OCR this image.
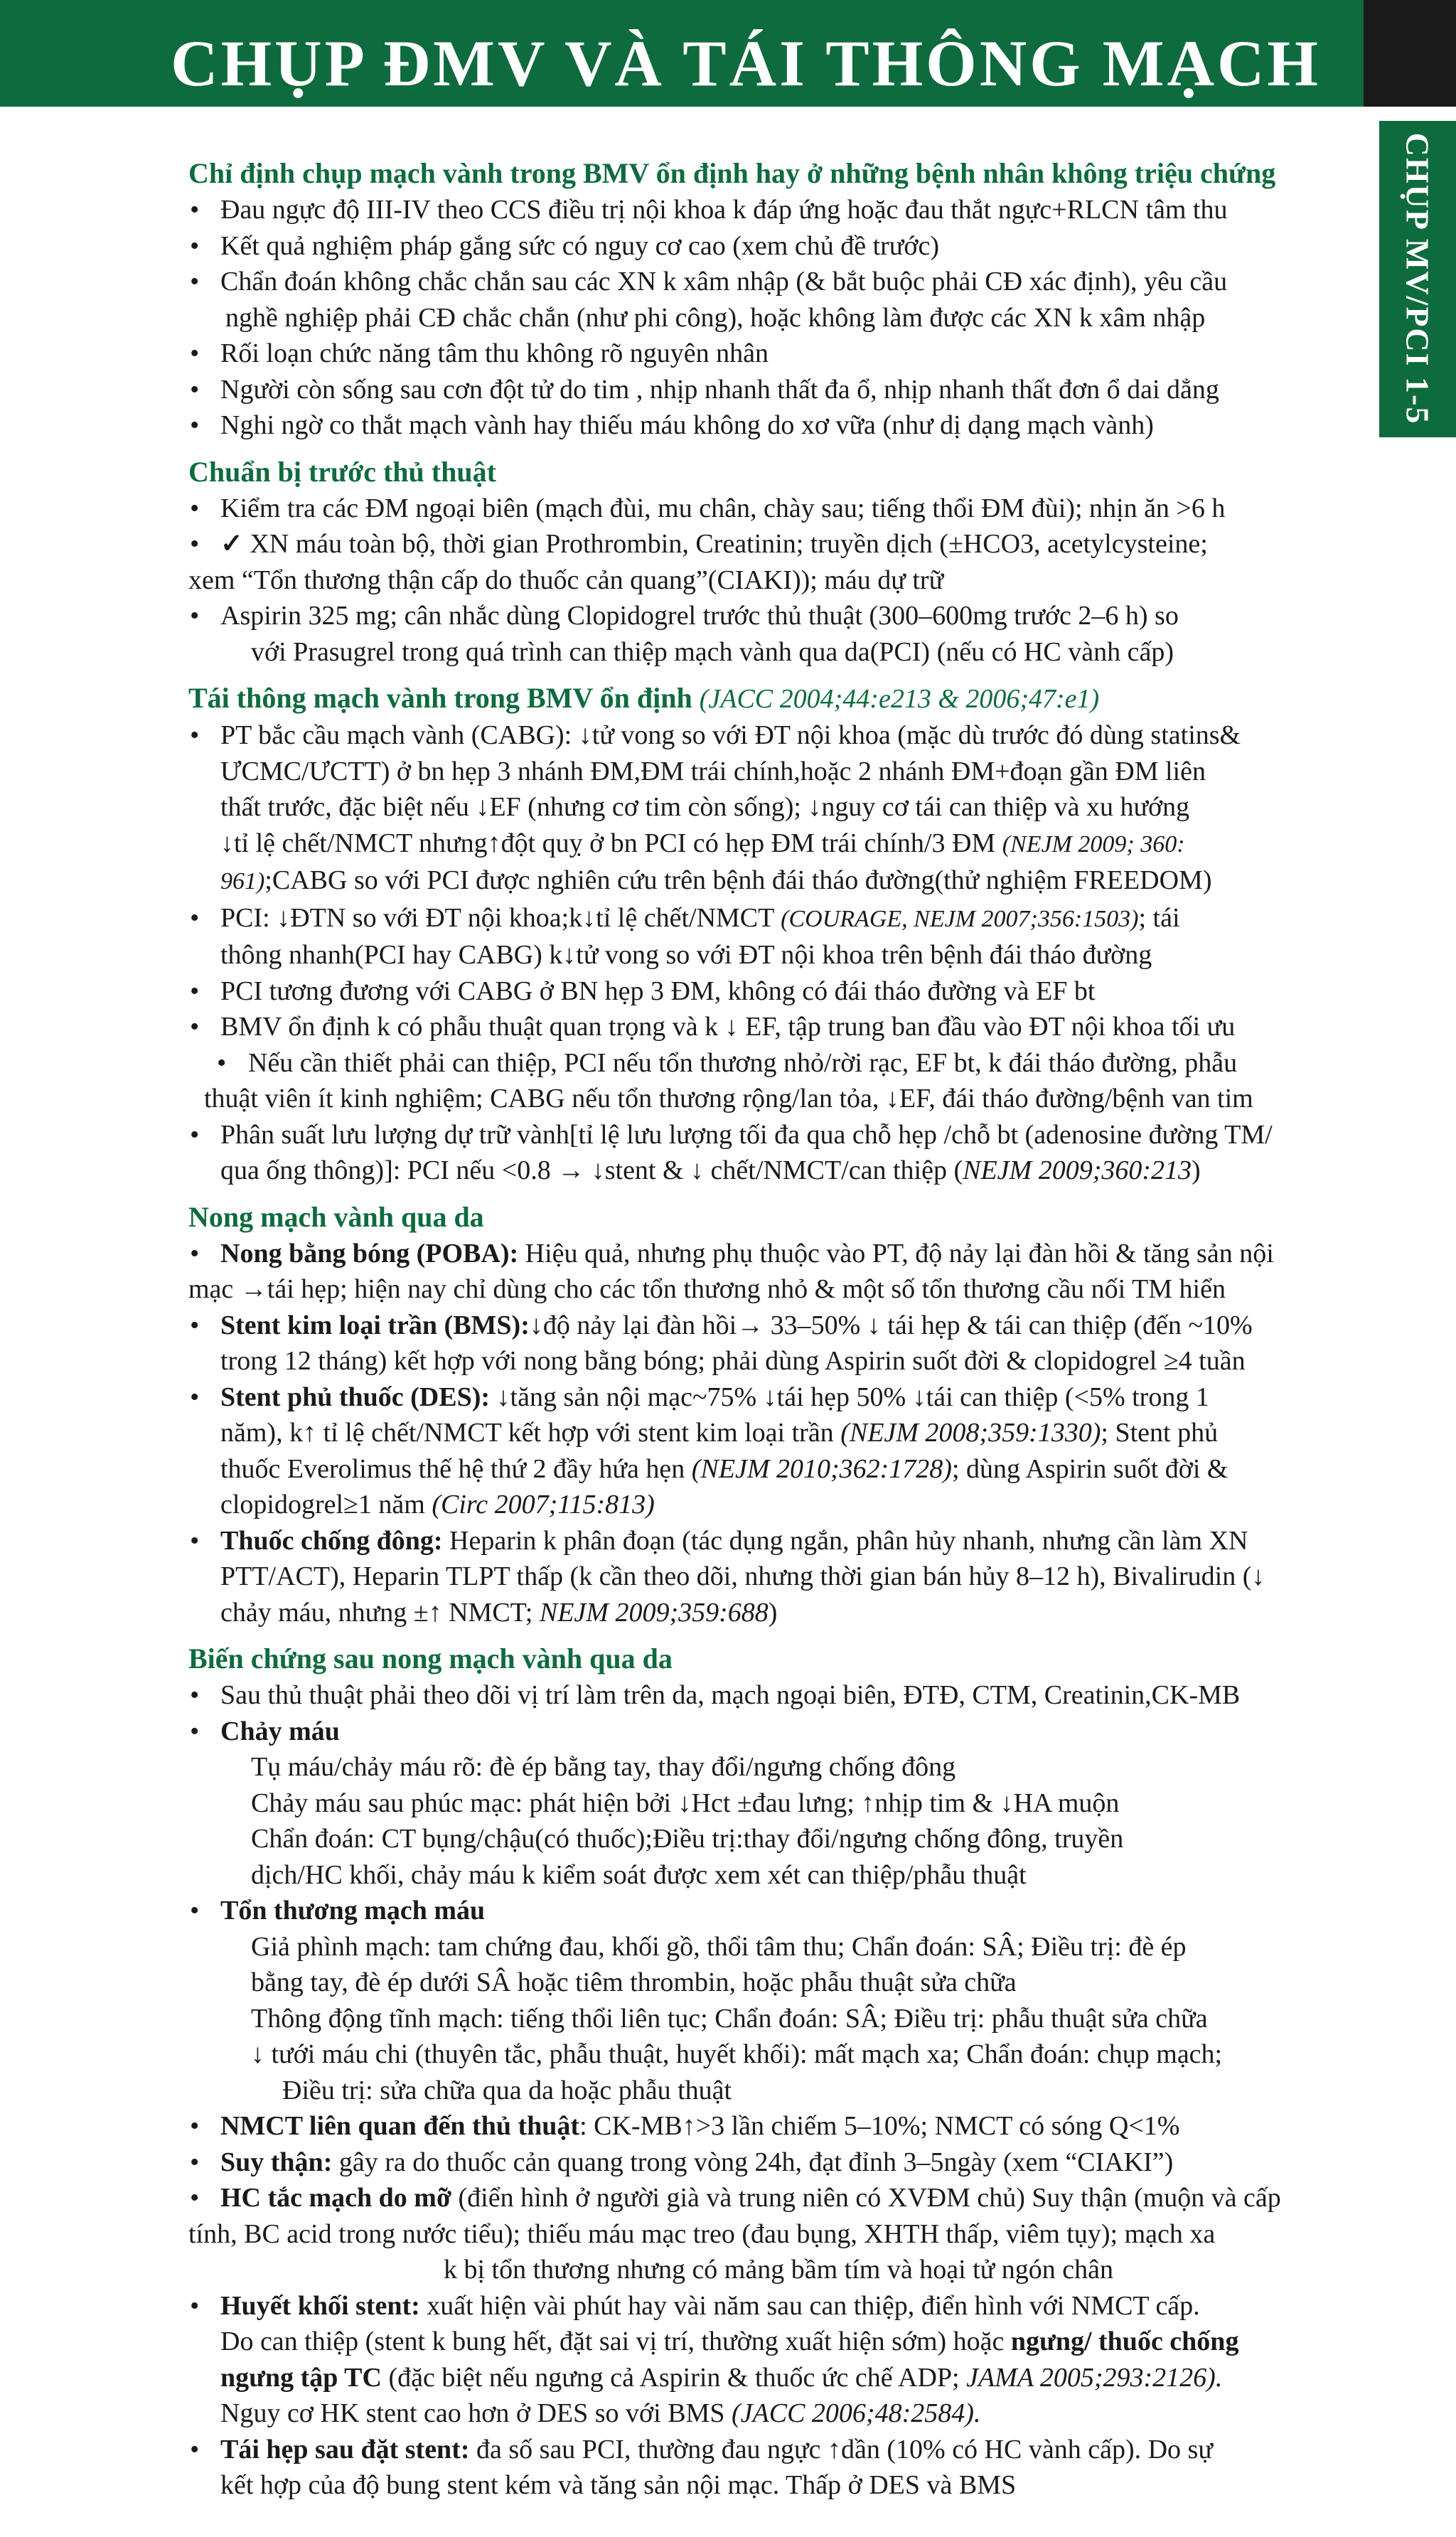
CHỤP ĐMV VÀ TÁI THÔNG MẠCH
CHỤP MV/PCI 1-5
Chỉ định chụp mạch vành trong BMV ổn định hay ở những bệnh nhân không triệu chứng
• Đau ngực độ III-IV theo CCS điều trị nội khoa k đáp ứng hoặc đau thắt ngực+RLCN tâm thu
• Kết quả nghiệm pháp gắng sức có nguy cơ cao (xem chủ đề trước)
• Chẩn đoán không chắc chắn sau các XN k xâm nhập (& bắt buộc phải CĐ xác định), yêu cầu
nghề nghiệp phải CĐ chắc chắn (như phi công), hoặc không làm được các XN k xâm nhập
• Rối loạn chức năng tâm thu không rõ nguyên nhân
• Người còn sống sau cơn đột tử do tim , nhịp nhanh thất đa ổ, nhịp nhanh thất đơn ổ dai dẳng
• Nghi ngờ co thắt mạch vành hay thiếu máu không do xơ vữa (như dị dạng mạch vành)
Chuẩn bị trước thủ thuật
• Kiểm tra các ĐM ngoại biên (mạch đùi, mu chân, chày sau; tiếng thổi ĐM đùi); nhịn ăn >6 h
• ✓ XN máu toàn bộ, thời gian Prothrombin, Creatinin; truyền dịch (±HCO3, acetylcysteine;
xem “Tổn thương thận cấp do thuốc cản quang”(CIAKI)); máu dự trữ
• Aspirin 325 mg; cân nhắc dùng Clopidogrel trước thủ thuật (300–600mg trước 2–6 h) so
với Prasugrel trong quá trình can thiệp mạch vành qua da(PCI) (nếu có HC vành cấp)
Tái thông mạch vành trong BMV ổn định (JACC 2004;44:e213 & 2006;47:e1)
• PT bắc cầu mạch vành (CABG): ↓tử vong so với ĐT nội khoa (mặc dù trước đó dùng statins&
ƯCMC/ƯCTT) ở bn hẹp 3 nhánh ĐM,ĐM trái chính,hoặc 2 nhánh ĐM+đoạn gần ĐM liên
thất trước, đặc biệt nếu ↓EF (nhưng cơ tim còn sống); ↓nguy cơ tái can thiệp và xu hướng
↓tỉ lệ chết/NMCT nhưng↑đột quỵ ở bn PCI có hẹp ĐM trái chính/3 ĐM (NEJM 2009; 360:
961);CABG so với PCI được nghiên cứu trên bệnh đái tháo đường(thử nghiệm FREEDOM)
• PCI: ↓ĐTN so với ĐT nội khoa;k↓tỉ lệ chết/NMCT (COURAGE, NEJM 2007;356:1503); tái
thông nhanh(PCI hay CABG) k↓tử vong so với ĐT nội khoa trên bệnh đái tháo đường
• PCI tương đương với CABG ở BN hẹp 3 ĐM, không có đái tháo đường và EF bt
• BMV ổn định k có phẫu thuật quan trọng và k ↓ EF, tập trung ban đầu vào ĐT nội khoa tối ưu
• Nếu cần thiết phải can thiệp, PCI nếu tổn thương nhỏ/rời rạc, EF bt, k đái tháo đường, phẫu
thuật viên ít kinh nghiệm; CABG nếu tổn thương rộng/lan tỏa, ↓EF, đái tháo đường/bệnh van tim
• Phân suất lưu lượng dự trữ vành[tỉ lệ lưu lượng tối đa qua chỗ hẹp /chỗ bt (adenosine đường TM/
qua ống thông)]: PCI nếu <0.8 → ↓stent & ↓ chết/NMCT/can thiệp (NEJM 2009;360:213)
Nong mạch vành qua da
• Nong bằng bóng (POBA): Hiệu quả, nhưng phụ thuộc vào PT, độ nảy lại đàn hồi & tăng sản nội
mạc →tái hẹp; hiện nay chỉ dùng cho các tổn thương nhỏ & một số tổn thương cầu nối TM hiển
• Stent kim loại trần (BMS):↓độ nảy lại đàn hồi→ 33–50% ↓ tái hẹp & tái can thiệp (đến ~10%
trong 12 tháng) kết hợp với nong bằng bóng; phải dùng Aspirin suốt đời & clopidogrel ≥4 tuần
• Stent phủ thuốc (DES): ↓tăng sản nội mạc~75% ↓tái hẹp 50% ↓tái can thiệp (<5% trong 1
năm), k↑ tỉ lệ chết/NMCT kết hợp với stent kim loại trần (NEJM 2008;359:1330); Stent phủ
thuốc Everolimus thế hệ thứ 2 đầy hứa hẹn (NEJM 2010;362:1728); dùng Aspirin suốt đời &
clopidogrel≥1 năm (Circ 2007;115:813)
• Thuốc chống đông: Heparin k phân đoạn (tác dụng ngắn, phân hủy nhanh, nhưng cần làm XN
PTT/ACT), Heparin TLPT thấp (k cần theo dõi, nhưng thời gian bán hủy 8–12 h), Bivalirudin (↓
chảy máu, nhưng ±↑ NMCT; NEJM 2009;359:688)
Biến chứng sau nong mạch vành qua da
• Sau thủ thuật phải theo dõi vị trí làm trên da, mạch ngoại biên, ĐTĐ, CTM, Creatinin,CK-MB
• Chảy máu
Tụ máu/chảy máu rõ: đè ép bằng tay, thay đổi/ngưng chống đông
Chảy máu sau phúc mạc: phát hiện bởi ↓Hct ±đau lưng; ↑nhịp tim & ↓HA muộn
Chẩn đoán: CT bụng/chậu(có thuốc);Điều trị:thay đổi/ngưng chống đông, truyền
dịch/HC khối, chảy máu k kiểm soát được xem xét can thiệp/phẫu thuật
• Tổn thương mạch máu
Giả phình mạch: tam chứng đau, khối gồ, thổi tâm thu; Chẩn đoán: SÂ; Điều trị: đè ép
bằng tay, đè ép dưới SÂ hoặc tiêm thrombin, hoặc phẫu thuật sửa chữa
Thông động tĩnh mạch: tiếng thổi liên tục; Chẩn đoán: SÂ; Điều trị: phẫu thuật sửa chữa
↓ tưới máu chi (thuyên tắc, phẫu thuật, huyết khối): mất mạch xa; Chẩn đoán: chụp mạch;
Điều trị: sửa chữa qua da hoặc phẫu thuật
• NMCT liên quan đến thủ thuật: CK-MB↑>3 lần chiếm 5–10%; NMCT có sóng Q<1%
• Suy thận: gây ra do thuốc cản quang trong vòng 24h, đạt đỉnh 3–5ngày (xem “CIAKI”)
• HC tắc mạch do mỡ (điển hình ở người già và trung niên có XVĐM chủ) Suy thận (muộn và cấp
tính, BC acid trong nước tiểu); thiếu máu mạc treo (đau bụng, XHTH thấp, viêm tụy); mạch xa
k bị tổn thương nhưng có mảng bầm tím và hoại tử ngón chân
• Huyết khối stent: xuất hiện vài phút hay vài năm sau can thiệp, điển hình với NMCT cấp.
Do can thiệp (stent k bung hết, đặt sai vị trí, thường xuất hiện sớm) hoặc ngưng/ thuốc chống
ngưng tập TC (đặc biệt nếu ngưng cả Aspirin & thuốc ức chế ADP; JAMA 2005;293:2126).
Nguy cơ HK stent cao hơn ở DES so với BMS (JACC 2006;48:2584).
• Tái hẹp sau đặt stent: đa số sau PCI, thường đau ngực ↑dần (10% có HC vành cấp). Do sự
kết hợp của độ bung stent kém và tăng sản nội mạc. Thấp ở DES và BMS
